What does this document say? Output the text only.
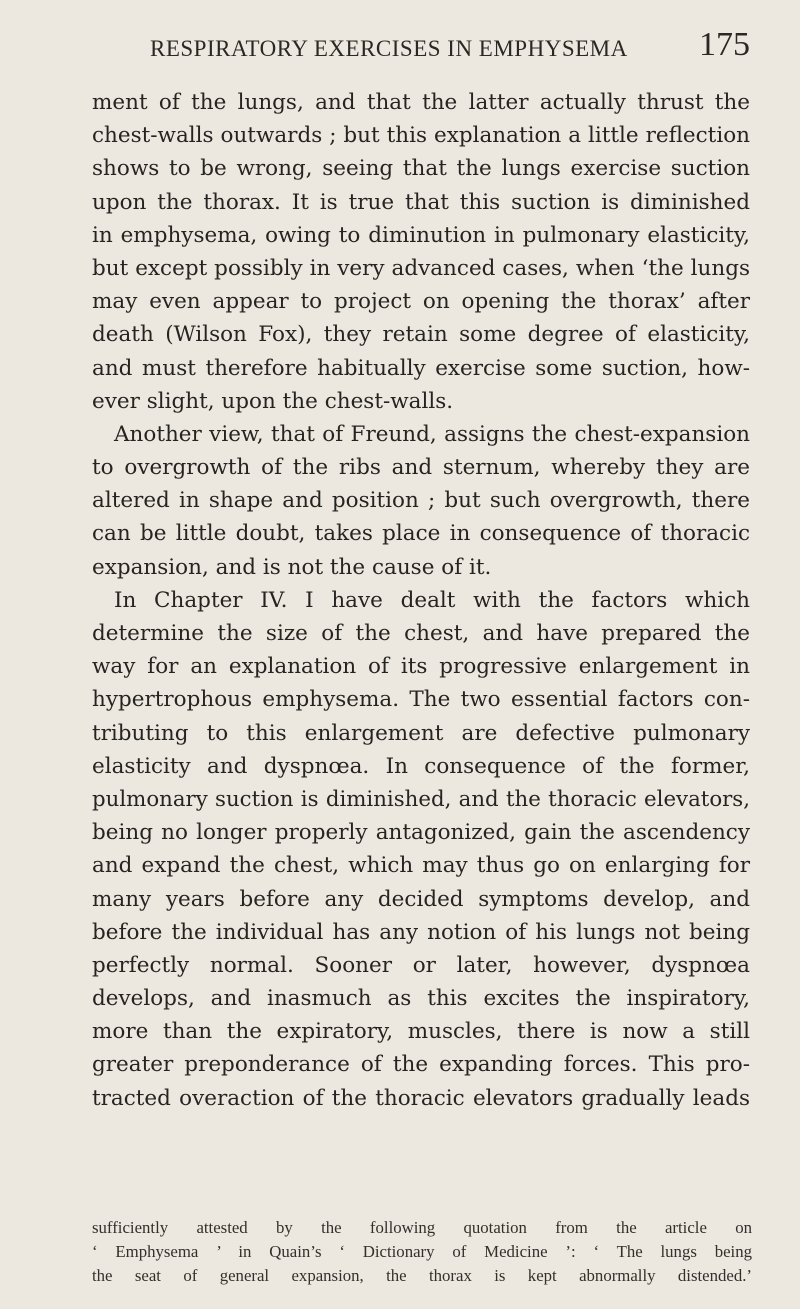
RESPIRATORY EXERCISES IN EMPHYSEMA 175
ment of the lungs, and that the latter actually thrust the
chest-walls outwards ; but this explanation a little reflection
shows to be wrong, seeing that the lungs exercise suction
upon the thorax. It is true that this suction is diminished
in emphysema, owing to diminution in pulmonary elasticity,
but except possibly in very advanced cases, when ‘the lungs
may even appear to project on opening the thorax’ after
death (Wilson Fox), they retain some degree of elasticity,
and must therefore habitually exercise some suction, how-
ever slight, upon the chest-walls.
Another view, that of Freund, assigns the chest-expansion
to overgrowth of the ribs and sternum, whereby they are
altered in shape and position ; but such overgrowth, there
can be little doubt, takes place in consequence of thoracic
expansion, and is not the cause of it.
In Chapter IV. I have dealt with the factors which
determine the size of the chest, and have prepared the
way for an explanation of its progressive enlargement in
hypertrophous emphysema. The two essential factors con-
tributing to this enlargement are defective pulmonary
elasticity and dyspnœa. In consequence of the former,
pulmonary suction is diminished, and the thoracic elevators,
being no longer properly antagonized, gain the ascendency
and expand the chest, which may thus go on enlarging for
many years before any decided symptoms develop, and
before the individual has any notion of his lungs not being
perfectly normal. Sooner or later, however, dyspnœa
develops, and inasmuch as this excites the inspiratory,
more than the expiratory, muscles, there is now a still
greater preponderance of the expanding forces. This pro-
tracted overaction of the thoracic elevators gradually leads
sufficiently attested by the following quotation from the article on
‘ Emphysema ’ in Quain’s ‘ Dictionary of Medicine ’: ‘ The lungs being
the seat of general expansion, the thorax is kept abnormally distended.’
